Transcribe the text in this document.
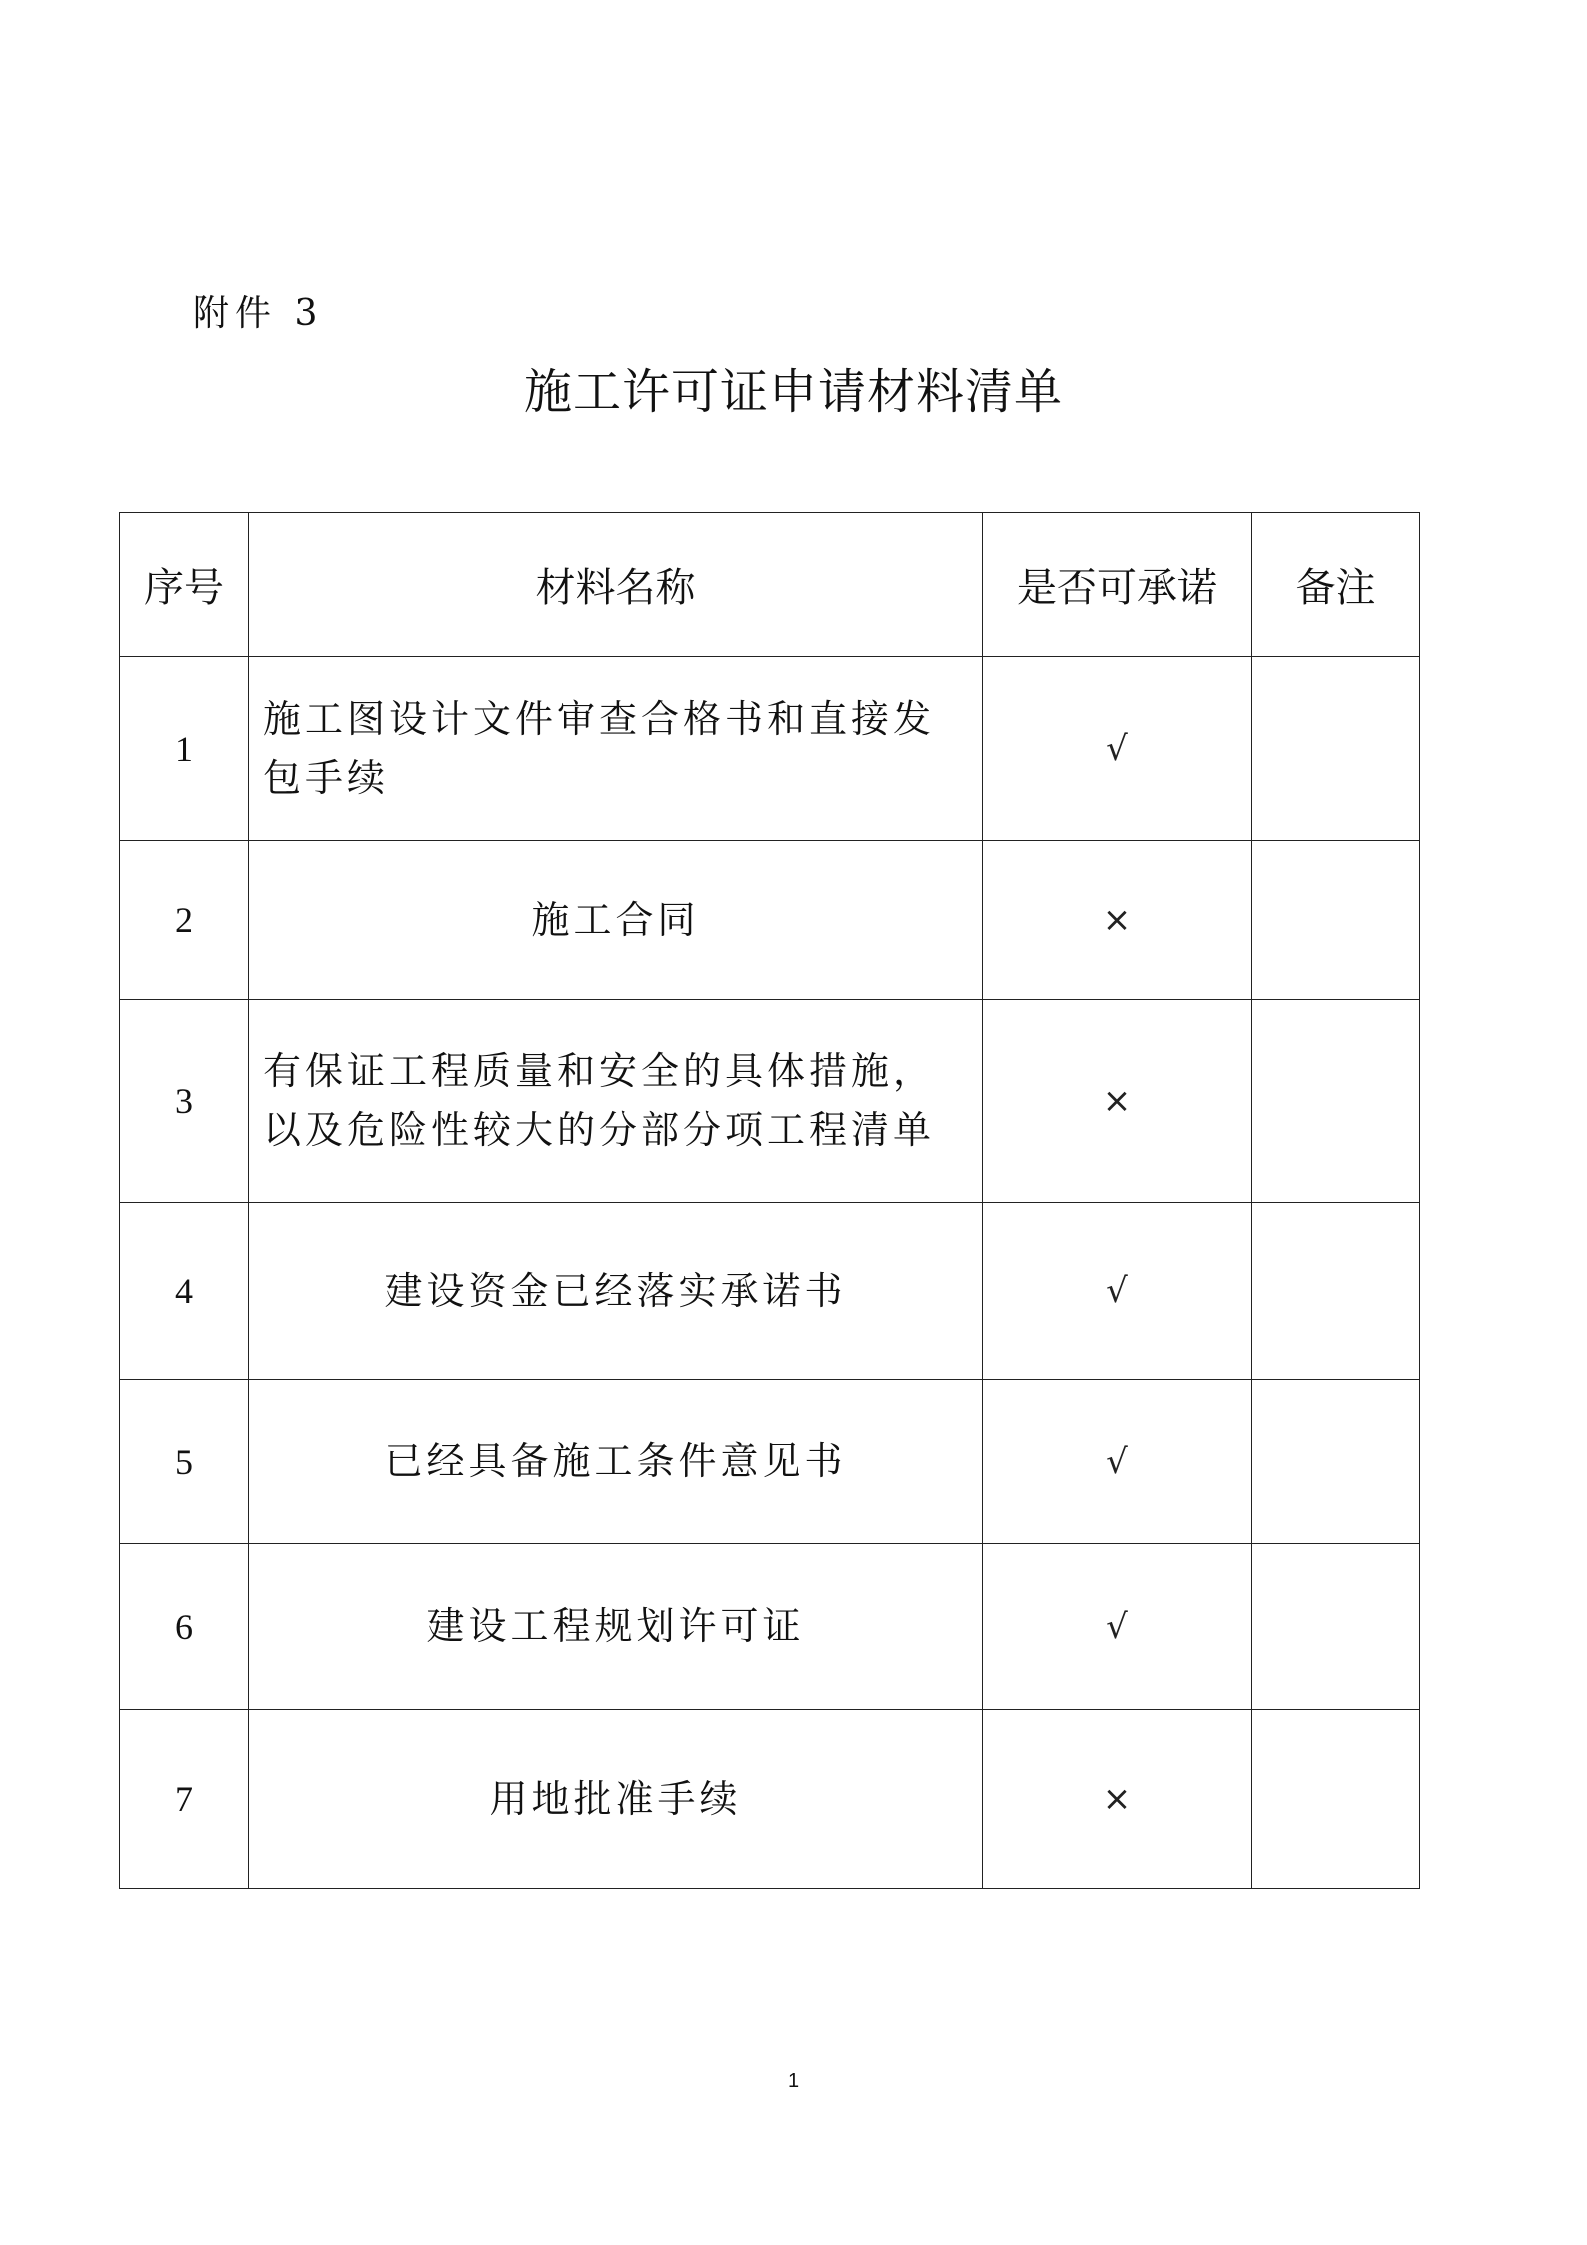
附件 3
施工许可证申请材料清单
序号	材料名称	是否可承诺	备注
1	施工图设计文件审查合格书和直接发包手续	√	
2	施工合同	×	
3	有保证工程质量和安全的具体措施，以及危险性较大的分部分项工程清单	×	
4	建设资金已经落实承诺书	√	
5	已经具备施工条件意见书	√	
6	建设工程规划许可证	√	
7	用地批准手续	×	
1
